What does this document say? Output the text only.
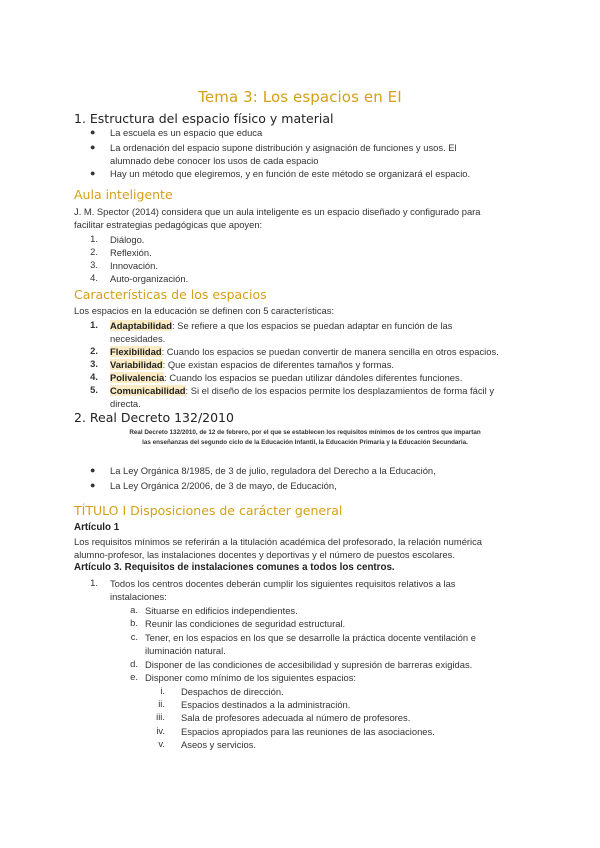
Tema 3: Los espacios en EI
1. Estructura del espacio físico y material
● La escuela es un espacio que educa
● La ordenación del espacio supone distribución y asignación de funciones y usos. El
alumnado debe conocer los usos de cada espacio
● Hay un método que elegiremos, y en función de este método se organizará el espacio.
Aula inteligente
J. M. Spector (2014) considera que un aula inteligente es un espacio diseñado y configurado para
facilitar estrategias pedagógicas que apoyen:
1. Diálogo.
2. Reflexión.
3. Innovación.
4. Auto-organización.
Características de los espacios
Los espacios en la educación se definen con 5 características:
1. Adaptabilidad: Se refiere a que los espacios se puedan adaptar en función de las
necesidades.
2. Flexibilidad: Cuando los espacios se puedan convertir de manera sencilla en otros espacios.
3. Variabilidad: Que existan espacios de diferentes tamaños y formas.
4. Polivalencia: Cuando los espacios se puedan utilizar dándoles diferentes funciones.
5. Comunicabilidad: Si el diseño de los espacios permite los desplazamientos de forma fácil y
directa.
2. Real Decreto 132/2010
Real Decreto 132/2010, de 12 de febrero, por el que se establecen los requisitos mínimos de los centros que impartan
las enseñanzas del segundo ciclo de la Educación Infantil, la Educación Primaria y la Educación Secundaria.
● La Ley Orgánica 8/1985, de 3 de julio, reguladora del Derecho a la Educación,
● La Ley Orgánica 2/2006, de 3 de mayo, de Educación,
TÍTULO I Disposiciones de carácter general
Artículo 1
Los requisitos mínimos se referirán a la titulación académica del profesorado, la relación numérica
alumno-profesor, las instalaciones docentes y deportivas y el número de puestos escolares.
Artículo 3. Requisitos de instalaciones comunes a todos los centros.
1. Todos los centros docentes deberán cumplir los siguientes requisitos relativos a las
instalaciones:
a. Situarse en edificios independientes.
b. Reunir las condiciones de seguridad estructural.
c. Tener, en los espacios en los que se desarrolle la práctica docente ventilación e
iluminación natural.
d. Disponer de las condiciones de accesibilidad y supresión de barreras exigidas.
e. Disponer como mínimo de los siguientes espacios:
i. Despachos de dirección.
ii. Espacios destinados a la administración.
iii. Sala de profesores adecuada al número de profesores.
iv. Espacios apropiados para las reuniones de las asociaciones.
v. Aseos y servicios.
